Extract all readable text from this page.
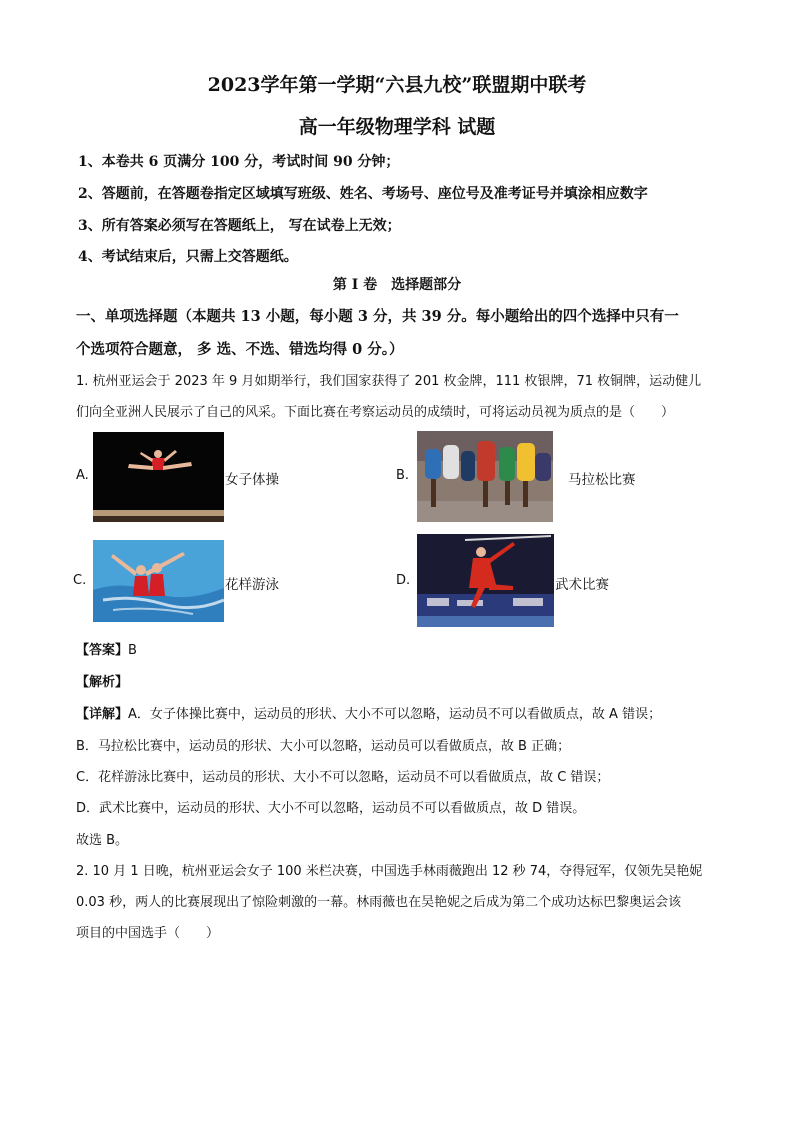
2023学年第一学期“六县九校”联盟期中联考
高一年级物理学科 试题
1、本卷共 6 页满分 100 分，考试时间 90 分钟；
2、答题前，在答题卷指定区域填写班级、姓名、考场号、座位号及准考证号并填涂相应数字
3、所有答案必须写在答题纸上， 写在试卷上无效；
4、考试结束后，只需上交答题纸。
第 I 卷　选择题部分
一、单项选择题（本题共 13 小题，每小题 3 分，共 39 分。每小题给出的四个选择中只有一
个选项符合题意， 多 选、不选、错选均得 0 分。）
1. 杭州亚运会于 2023 年 9 月如期举行，我们国家获得了 201 枚金牌，111 枚银牌，71 枚铜牌，运动健儿
们向全亚洲人民展示了自己的风采。下面比赛在考察运动员的成绩时，可将运动员视为质点的是（　　）
A.	女子体操	B.	马拉松比赛
C.	花样游泳	D.	武术比赛
【答案】B
【解析】
【详解】A．女子体操比赛中，运动员的形状、大小不可以忽略，运动员不可以看做质点，故 A 错误；
B．马拉松比赛中，运动员的形状、大小可以忽略，运动员可以看做质点，故 B 正确；
C．花样游泳比赛中，运动员的形状、大小不可以忽略，运动员不可以看做质点，故 C 错误；
D．武术比赛中，运动员的形状、大小不可以忽略，运动员不可以看做质点，故 D 错误。
故选 B。
2. 10 月 1 日晚，杭州亚运会女子 100 米栏决赛，中国选手林雨薇跑出 12 秒 74，夺得冠军，仅领先吴艳妮
0.03 秒，两人的比赛展现出了惊险刺激的一幕。林雨薇也在吴艳妮之后成为第二个成功达标巴黎奥运会该
项目的中国选手（　　）
